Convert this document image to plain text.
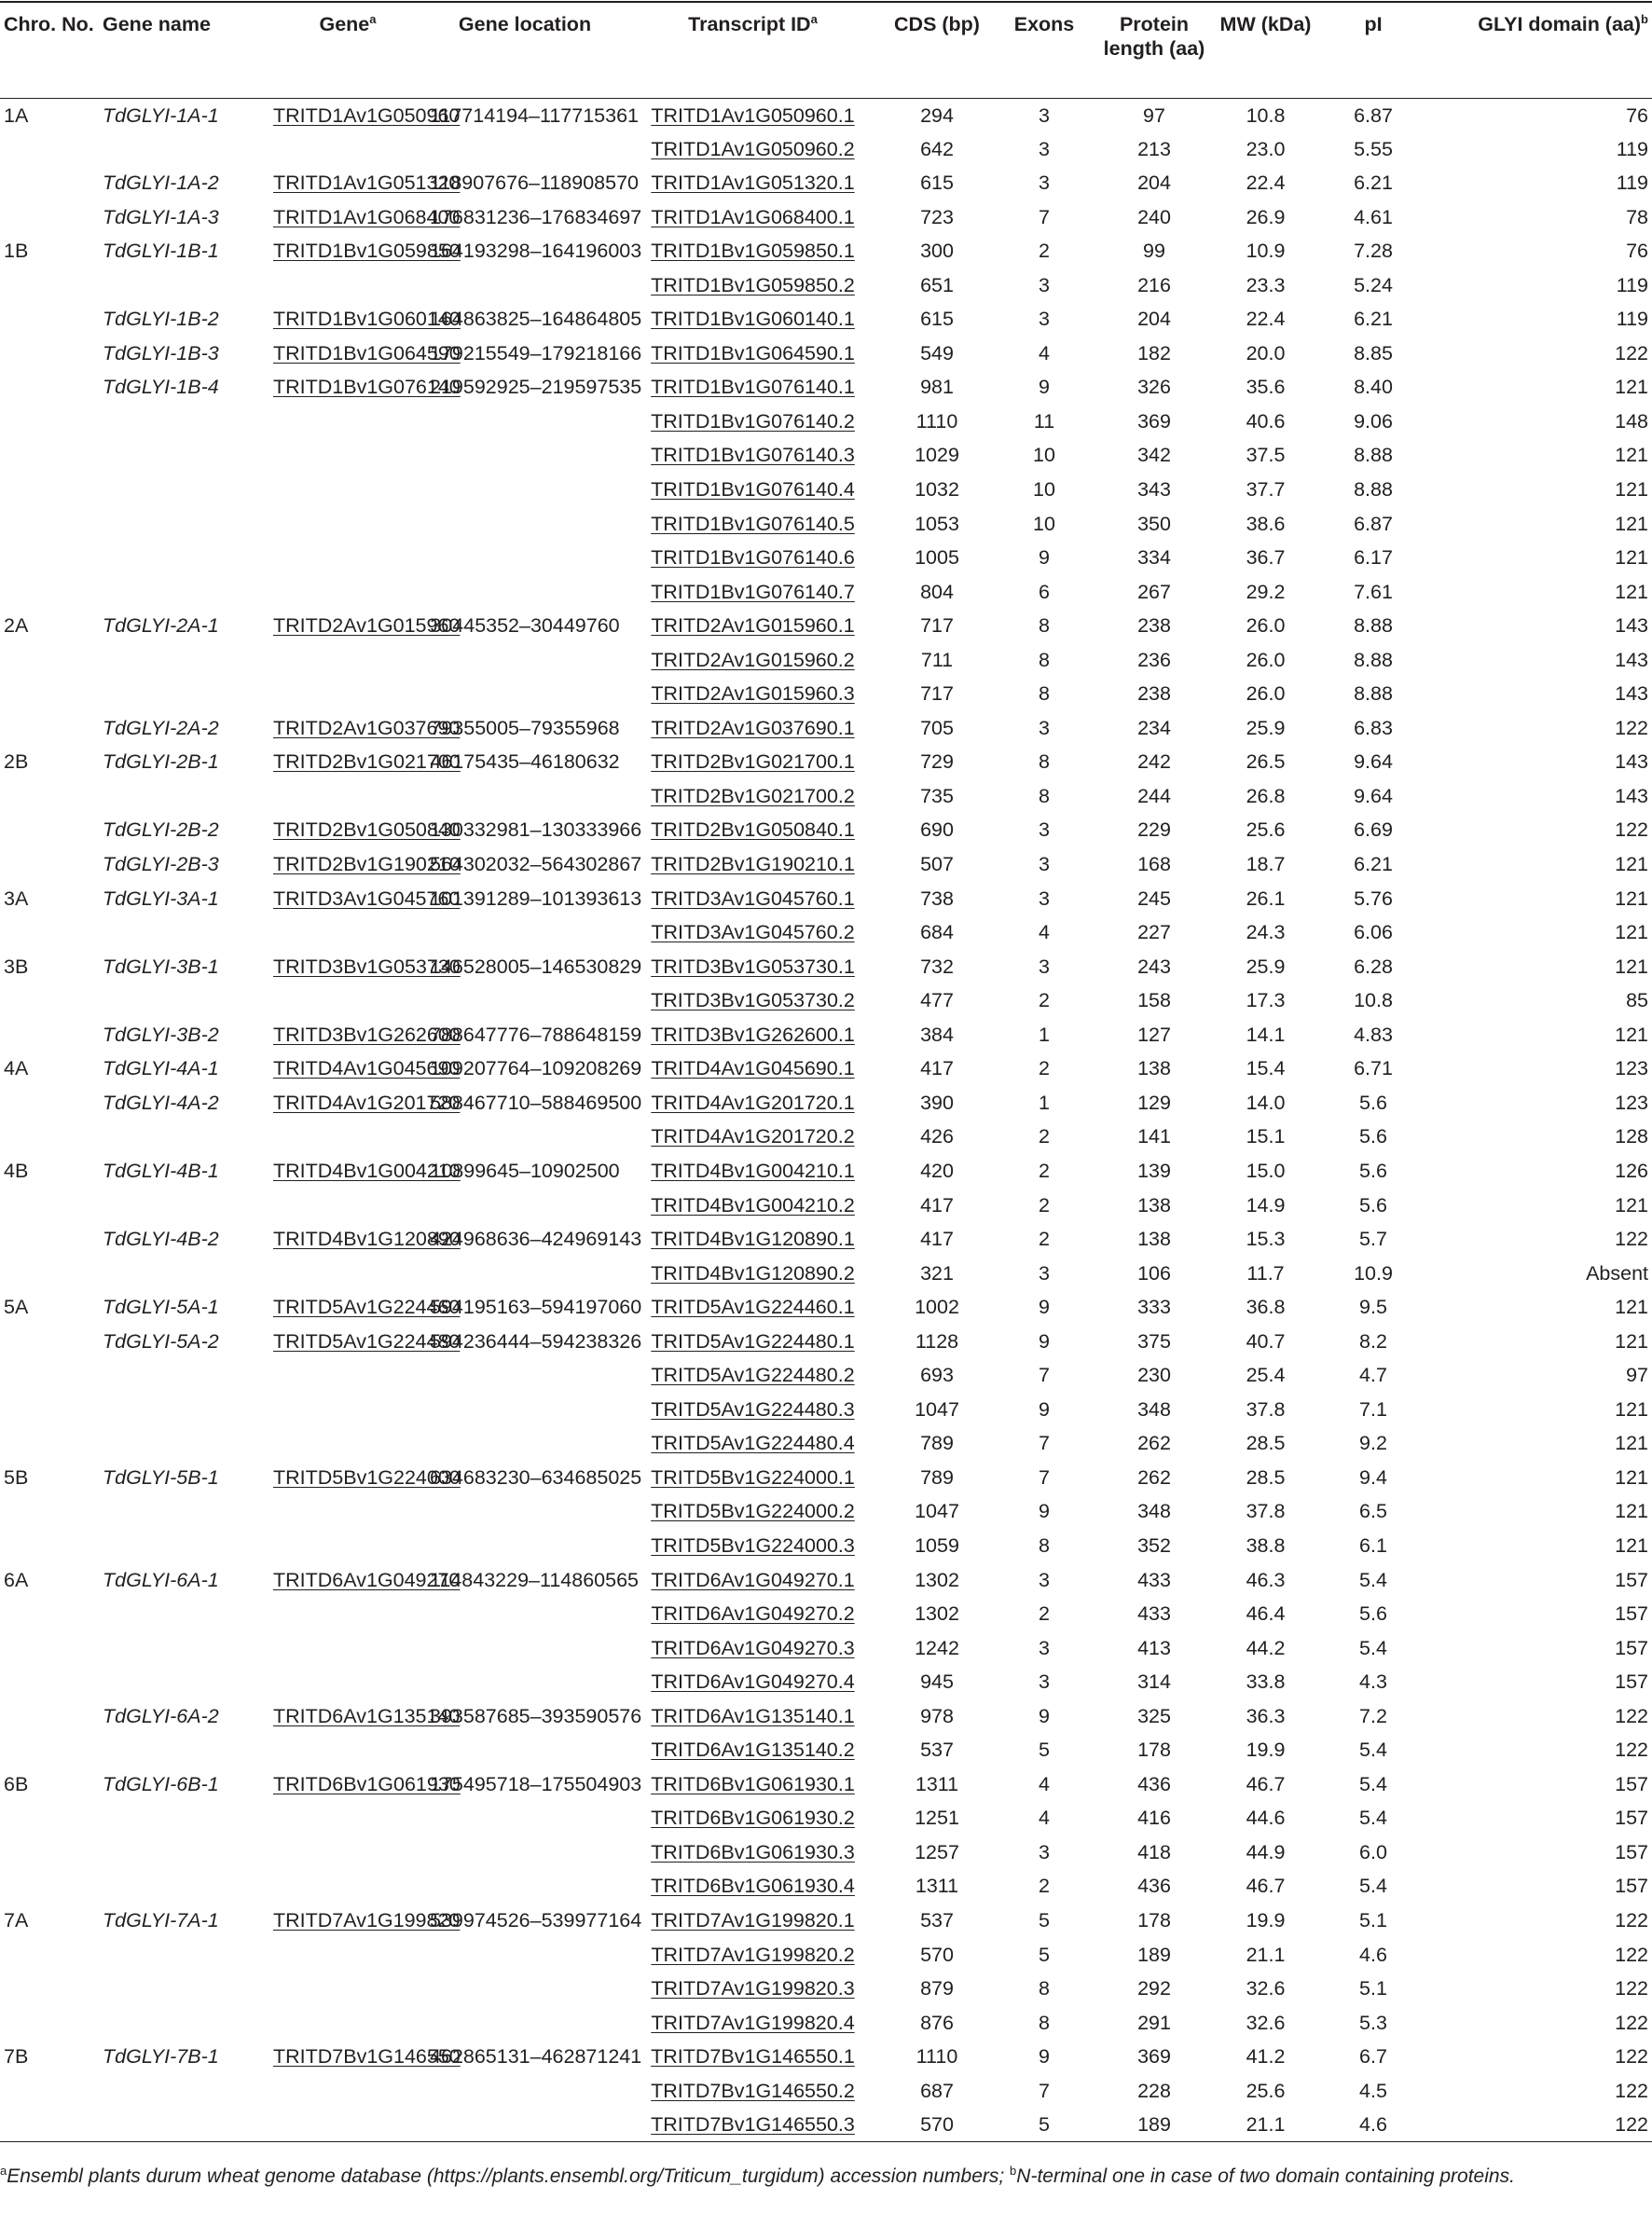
Chro. No.	Gene name	Gene$^a$	Gene location	Transcript $ID^a$	CDS (bp)	Exons	Protein length (aa)	MW (kDa)	pI	GLYI domain (aa)$^b$
1A	TdGLYI-1A-1	TRITD1Av1G050960	117714194–117715361	TRITD1Av1G050960.1	294	3	97	10.8	6.87	76
				TRITD1Av1G050960.2	642	3	213	23.0	5.55	119
	TdGLYI-1A-2	TRITD1Av1G051320	118907676–118908570	TRITD1Av1G051320.1	615	3	204	22.4	6.21	119
	TdGLYI-1A-3	TRITD1Av1G068400	176831236–176834697	TRITD1Av1G068400.1	723	7	240	26.9	4.61	78
1B	TdGLYI-1B-1	TRITD1Bv1G059850	164193298–164196003	TRITD1Bv1G059850.1	300	2	99	10.9	7.28	76
				TRITD1Bv1G059850.2	651	3	216	23.3	5.24	119
	TdGLYI-1B-2	TRITD1Bv1G060140	164863825–164864805	TRITD1Bv1G060140.1	615	3	204	22.4	6.21	119
	TdGLYI-1B-3	TRITD1Bv1G064590	179215549–179218166	TRITD1Bv1G064590.1	549	4	182	20.0	8.85	122
	TdGLYI-1B-4	TRITD1Bv1G076140	219592925–219597535	TRITD1Bv1G076140.1	981	9	326	35.6	8.40	121
				TRITD1Bv1G076140.2	1110	11	369	40.6	9.06	148
				TRITD1Bv1G076140.3	1029	10	342	37.5	8.88	121
				TRITD1Bv1G076140.4	1032	10	343	37.7	8.88	121
				TRITD1Bv1G076140.5	1053	10	350	38.6	6.87	121
				TRITD1Bv1G076140.6	1005	9	334	36.7	6.17	121
				TRITD1Bv1G076140.7	804	6	267	29.2	7.61	121
2A	TdGLYI-2A-1	TRITD2Av1G015960	30445352–30449760	TRITD2Av1G015960.1	717	8	238	26.0	8.88	143
				TRITD2Av1G015960.2	711	8	236	26.0	8.88	143
				TRITD2Av1G015960.3	717	8	238	26.0	8.88	143
	TdGLYI-2A-2	TRITD2Av1G037690	79355005–79355968	TRITD2Av1G037690.1	705	3	234	25.9	6.83	122
2B	TdGLYI-2B-1	TRITD2Bv1G021700	46175435–46180632	TRITD2Bv1G021700.1	729	8	242	26.5	9.64	143
				TRITD2Bv1G021700.2	735	8	244	26.8	9.64	143
	TdGLYI-2B-2	TRITD2Bv1G050840	130332981–130333966	TRITD2Bv1G050840.1	690	3	229	25.6	6.69	122
	TdGLYI-2B-3	TRITD2Bv1G190210	564302032–564302867	TRITD2Bv1G190210.1	507	3	168	18.7	6.21	121
3A	TdGLYI-3A-1	TRITD3Av1G045760	101391289–101393613	TRITD3Av1G045760.1	738	3	245	26.1	5.76	121
				TRITD3Av1G045760.2	684	4	227	24.3	6.06	121
3B	TdGLYI-3B-1	TRITD3Bv1G053730	146528005–146530829	TRITD3Bv1G053730.1	732	3	243	25.9	6.28	121
				TRITD3Bv1G053730.2	477	2	158	17.3	10.8	85
	TdGLYI-3B-2	TRITD3Bv1G262600	788647776–788648159	TRITD3Bv1G262600.1	384	1	127	14.1	4.83	121
4A	TdGLYI-4A-1	TRITD4Av1G045690	109207764–109208269	TRITD4Av1G045690.1	417	2	138	15.4	6.71	123
	TdGLYI-4A-2	TRITD4Av1G201720	588467710–588469500	TRITD4Av1G201720.1	390	1	129	14.0	5.6	123
				TRITD4Av1G201720.2	426	2	141	15.1	5.6	128
4B	TdGLYI-4B-1	TRITD4Bv1G004210	10899645–10902500	TRITD4Bv1G004210.1	420	2	139	15.0	5.6	126
				TRITD4Bv1G004210.2	417	2	138	14.9	5.6	121
	TdGLYI-4B-2	TRITD4Bv1G120890	424968636–424969143	TRITD4Bv1G120890.1	417	2	138	15.3	5.7	122
				TRITD4Bv1G120890.2	321	3	106	11.7	10.9	Absent
5A	TdGLYI-5A-1	TRITD5Av1G224460	594195163–594197060	TRITD5Av1G224460.1	1002	9	333	36.8	9.5	121
	TdGLYI-5A-2	TRITD5Av1G224480	594236444–594238326	TRITD5Av1G224480.1	1128	9	375	40.7	8.2	121
				TRITD5Av1G224480.2	693	7	230	25.4	4.7	97
				TRITD5Av1G224480.3	1047	9	348	37.8	7.1	121
				TRITD5Av1G224480.4	789	7	262	28.5	9.2	121
5B	TdGLYI-5B-1	TRITD5Bv1G224000	634683230–634685025	TRITD5Bv1G224000.1	789	7	262	28.5	9.4	121
				TRITD5Bv1G224000.2	1047	9	348	37.8	6.5	121
				TRITD5Bv1G224000.3	1059	8	352	38.8	6.1	121
6A	TdGLYI-6A-1	TRITD6Av1G049270	114843229–114860565	TRITD6Av1G049270.1	1302	3	433	46.3	5.4	157
				TRITD6Av1G049270.2	1302	2	433	46.4	5.6	157
				TRITD6Av1G049270.3	1242	3	413	44.2	5.4	157
				TRITD6Av1G049270.4	945	3	314	33.8	4.3	157
	TdGLYI-6A-2	TRITD6Av1G135140	393587685–393590576	TRITD6Av1G135140.1	978	9	325	36.3	7.2	122
				TRITD6Av1G135140.2	537	5	178	19.9	5.4	122
6B	TdGLYI-6B-1	TRITD6Bv1G061930	175495718–175504903	TRITD6Bv1G061930.1	1311	4	436	46.7	5.4	157
				TRITD6Bv1G061930.2	1251	4	416	44.6	5.4	157
				TRITD6Bv1G061930.3	1257	3	418	44.9	6.0	157
				TRITD6Bv1G061930.4	1311	2	436	46.7	5.4	157
7A	TdGLYI-7A-1	TRITD7Av1G199820	539974526–539977164	TRITD7Av1G199820.1	537	5	178	19.9	5.1	122
				TRITD7Av1G199820.2	570	5	189	21.1	4.6	122
				TRITD7Av1G199820.3	879	8	292	32.6	5.1	122
				TRITD7Av1G199820.4	876	8	291	32.6	5.3	122
7B	TdGLYI-7B-1	TRITD7Bv1G146550	462865131–462871241	TRITD7Bv1G146550.1	1110	9	369	41.2	6.7	122
				TRITD7Bv1G146550.2	687	7	228	25.6	4.5	122
				TRITD7Bv1G146550.3	570	5	189	21.1	4.6	122
$^a$Ensembl plants durum wheat genome database (https://plants.ensembl.org/Triticum_turgidum) accession numbers; $^b$N-terminal one in case of two domain containing proteins.
